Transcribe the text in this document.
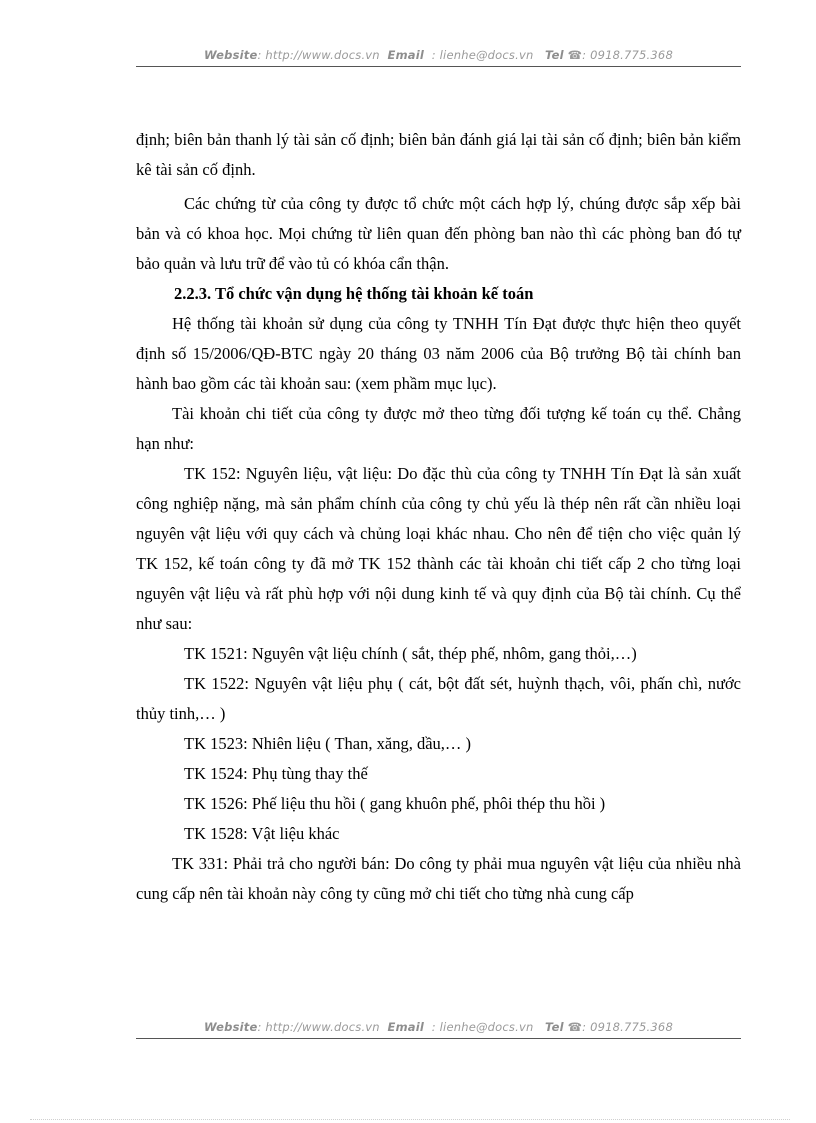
Website: http://www.docs.vn Email : lienhe@docs.vn Tel ☎: 0918.775.368

định; biên bản thanh lý tài sản cố định; biên bản đánh giá lại tài sản cố định; biên bản kiểm kê tài sản cố định.

Các chứng từ của công ty được tổ chức một cách hợp lý, chúng được sắp xếp bài bản và có khoa học. Mọi chứng từ liên quan đến phòng ban nào thì các phòng ban đó tự bảo quản và lưu trữ để vào tủ có khóa cẩn thận.

2.2.3. Tổ chức vận dụng hệ thống tài khoản kế toán

Hệ thống tài khoản sử dụng của công ty TNHH Tín Đạt được thực hiện theo quyết định số 15/2006/QĐ-BTC ngày 20 tháng 03 năm 2006 của Bộ trưởng Bộ tài chính ban hành bao gồm các tài khoản sau: (xem phầm mục lục).

Tài khoản chi tiết của công ty được mở theo từng đối tượng kế toán cụ thể. Chẳng hạn như:

TK 152: Nguyên liệu, vật liệu: Do đặc thù của công ty TNHH Tín Đạt là sản xuất công nghiệp nặng, mà sản phẩm chính của công ty chủ yếu là thép nên rất cần nhiều loại nguyên vật liệu với quy cách và chủng loại khác nhau. Cho nên để tiện cho việc quản lý TK 152, kế toán công ty đã mở TK 152 thành các tài khoản chi tiết cấp 2 cho từng loại nguyên vật liệu và rất phù hợp với nội dung kinh tế và quy định của Bộ tài chính. Cụ thể như sau:

TK 1521: Nguyên vật liệu chính ( sắt, thép phế, nhôm, gang thỏi,…)

TK 1522: Nguyên vật liệu phụ ( cát, bột đất sét, huỳnh thạch, vôi, phấn chì, nước thủy tinh,… )

TK 1523: Nhiên liệu ( Than, xăng, dầu,… )

TK 1524: Phụ tùng thay thế

TK 1526: Phế liệu thu hồi ( gang khuôn phế, phôi thép thu hồi )

TK 1528: Vật liệu khác

TK 331: Phải trả cho người bán: Do công ty phải mua nguyên vật liệu của nhiều nhà cung cấp nên tài khoản này công ty cũng mở chi tiết cho từng nhà cung cấp

Website: http://www.docs.vn Email : lienhe@docs.vn Tel ☎: 0918.775.368
